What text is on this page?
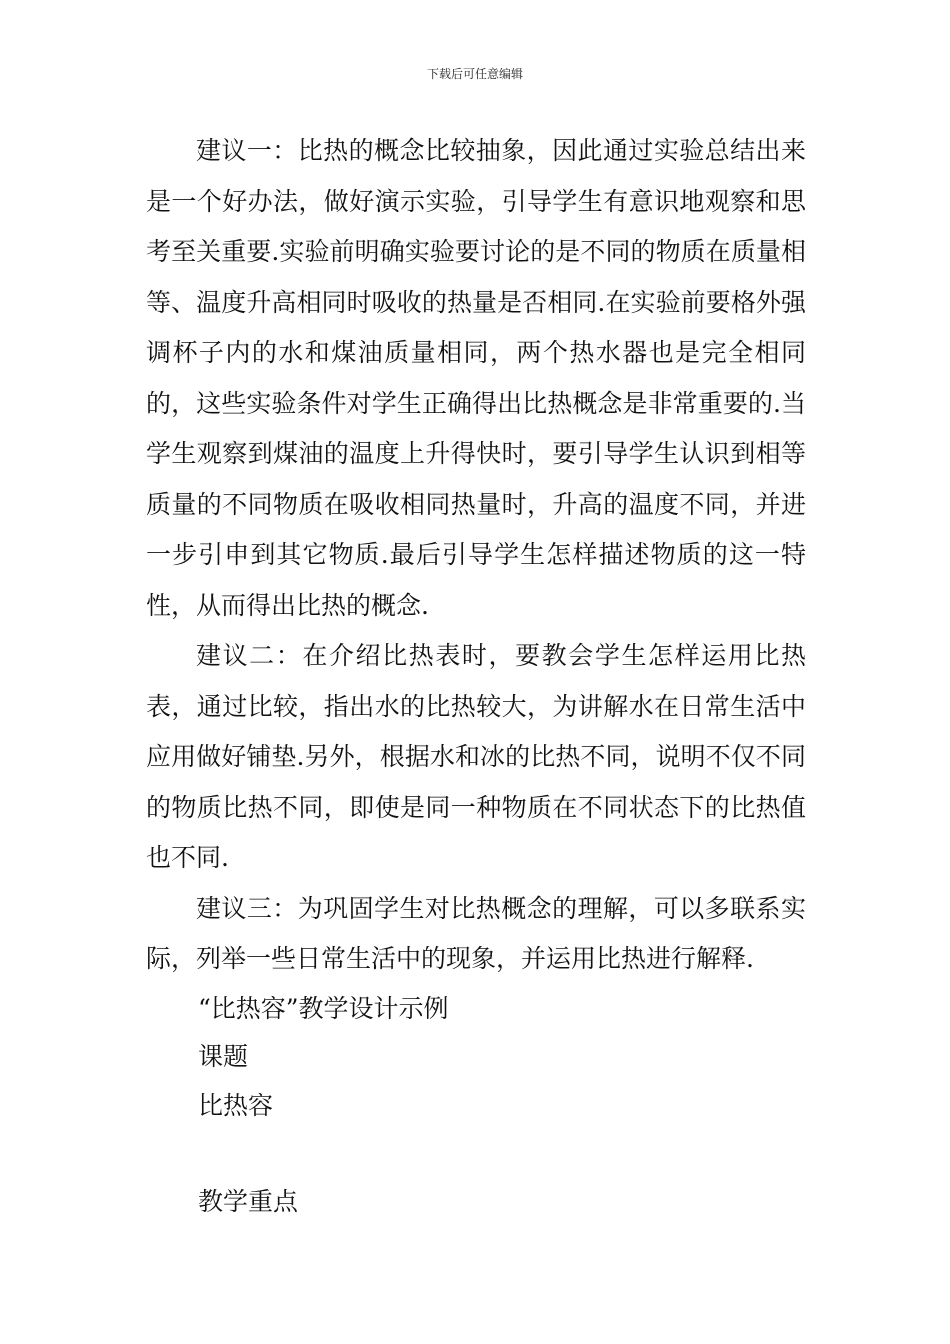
下载后可任意编辑

建议一：比热的概念比较抽象，因此通过实验总结出来是一个好办法，做好演示实验，引导学生有意识地观察和思考至关重要.实验前明确实验要讨论的是不同的物质在质量相等、温度升高相同时吸收的热量是否相同.在实验前要格外强调杯子内的水和煤油质量相同，两个热水器也是完全相同的，这些实验条件对学生正确得出比热概念是非常重要的.当学生观察到煤油的温度上升得快时，要引导学生认识到相等质量的不同物质在吸收相同热量时，升高的温度不同，并进一步引申到其它物质.最后引导学生怎样描述物质的这一特性，从而得出比热的概念.

建议二：在介绍比热表时，要教会学生怎样运用比热表，通过比较，指出水的比热较大，为讲解水在日常生活中应用做好铺垫.另外，根据水和冰的比热不同，说明不仅不同的物质比热不同，即使是同一种物质在不同状态下的比热值也不同.

建议三：为巩固学生对比热概念的理解，可以多联系实际，列举一些日常生活中的现象，并运用比热进行解释.

“比热容”教学设计示例

课题

比热容

教学重点
